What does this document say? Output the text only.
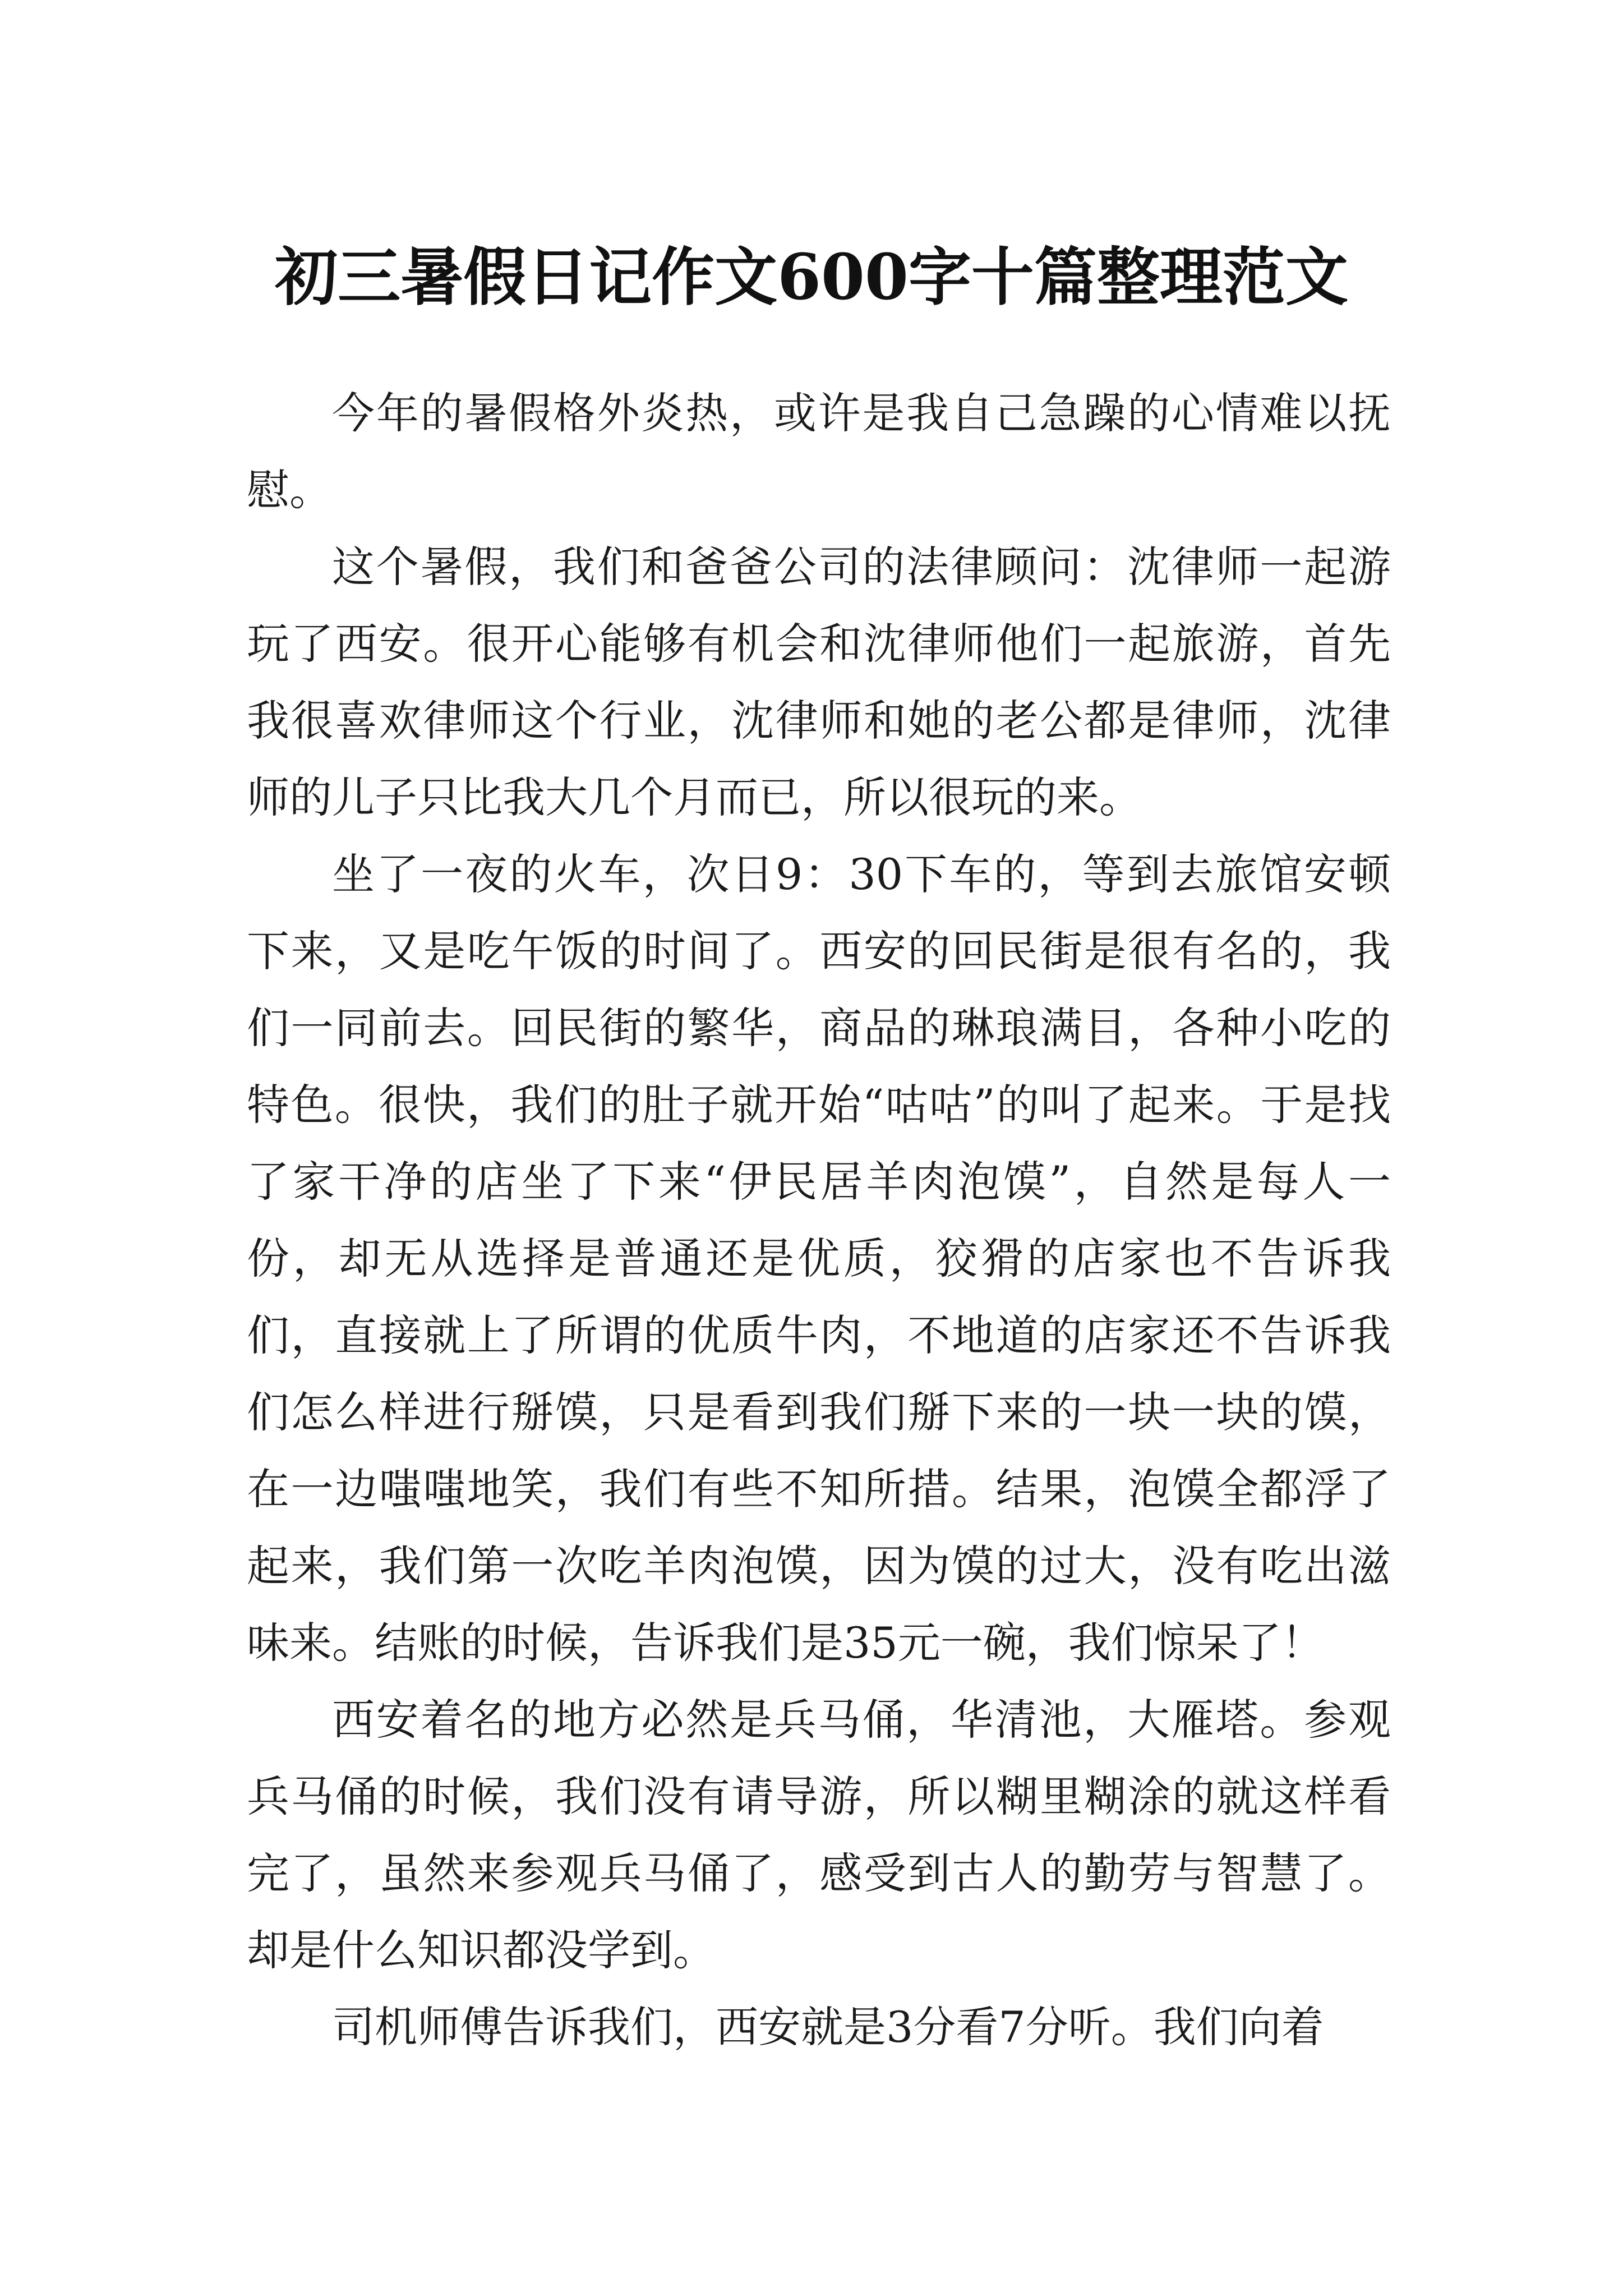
初三暑假日记作文600字十篇整理范文

今年的暑假格外炎热，或许是我自己急躁的心情难以抚慰。

这个暑假，我们和爸爸公司的法律顾问：沈律师一起游玩了西安。很开心能够有机会和沈律师他们一起旅游，首先我很喜欢律师这个行业，沈律师和她的老公都是律师，沈律师的儿子只比我大几个月而已，所以很玩的来。

坐了一夜的火车，次日9：30下车的，等到去旅馆安顿下来，又是吃午饭的时间了。西安的回民街是很有名的，我们一同前去。回民街的繁华，商品的琳琅满目，各种小吃的特色。很快，我们的肚子就开始“咕咕”的叫了起来。于是找了家干净的店坐了下来“伊民居羊肉泡馍”，自然是每人一份，却无从选择是普通还是优质，狡猾的店家也不告诉我们，直接就上了所谓的优质牛肉，不地道的店家还不告诉我们怎么样进行掰馍，只是看到我们掰下来的一块一块的馍，在一边嗤嗤地笑，我们有些不知所措。结果，泡馍全都浮了起来，我们第一次吃羊肉泡馍，因为馍的过大，没有吃出滋味来。结账的时候，告诉我们是35元一碗，我们惊呆了！

西安着名的地方必然是兵马俑，华清池，大雁塔。参观兵马俑的时候，我们没有请导游，所以糊里糊涂的就这样看完了，虽然来参观兵马俑了，感受到古人的勤劳与智慧了。却是什么知识都没学到。

司机师傅告诉我们，西安就是3分看7分听。我们向着
